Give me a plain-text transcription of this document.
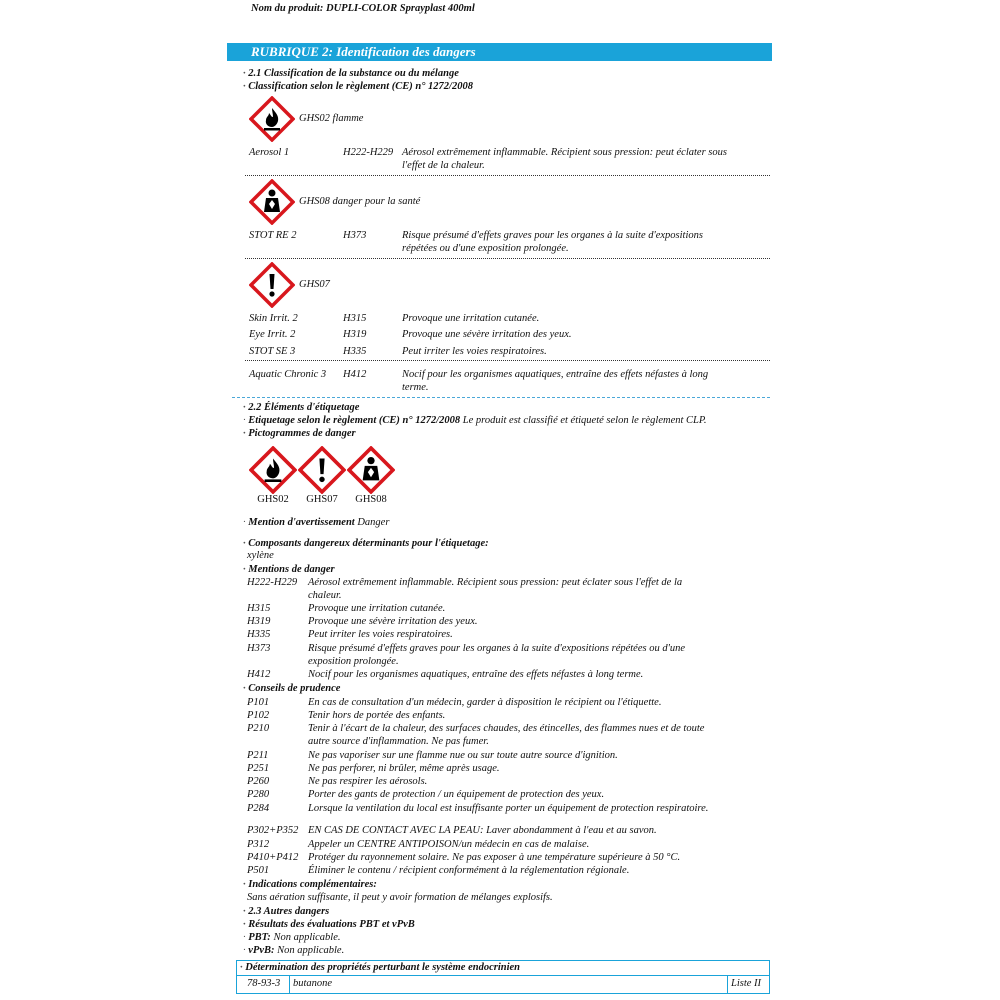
Nom du produit: DUPLI-COLOR Sprayplast 400ml
RUBRIQUE 2: Identification des dangers
· 2.1 Classification de la substance ou du mélange
· Classification selon le règlement (CE) n° 1272/2008
GHS02 flamme
Aerosol 1	H222-H229 Aérosol extrêmement inflammable. Récipient sous pression: peut éclater sous
l'effet de la chaleur.
GHS08 danger pour la santé
STOT RE 2	H373	Risque présumé d'effets graves pour les organes à la suite d'expositions
répétées ou d'une exposition prolongée.
GHS07
Skin Irrit. 2	H315	Provoque une irritation cutanée.
Eye Irrit. 2	H319	Provoque une sévère irritation des yeux.
STOT SE 3	H335	Peut irriter les voies respiratoires.
Aquatic Chronic 3 H412	Nocif pour les organismes aquatiques, entraîne des effets néfastes à long
terme.
· 2.2 Éléments d'étiquetage
· Etiquetage selon le règlement (CE) n° 1272/2008 Le produit est classifié et étiqueté selon le règlement CLP.
· Pictogrammes de danger
GHS02	GHS07	GHS08
· Mention d'avertissement Danger
· Composants dangereux déterminants pour l'étiquetage:
xylène
· Mentions de danger
H222-H229 Aérosol extrêmement inflammable. Récipient sous pression: peut éclater sous l'effet de la
chaleur.
H315	Provoque une irritation cutanée.
H319	Provoque une sévère irritation des yeux.
H335	Peut irriter les voies respiratoires.
H373	Risque présumé d'effets graves pour les organes à la suite d'expositions répétées ou d'une
exposition prolongée.
H412	Nocif pour les organismes aquatiques, entraîne des effets néfastes à long terme.
· Conseils de prudence
P101	En cas de consultation d'un médecin, garder à disposition le récipient ou l'étiquette.
P102	Tenir hors de portée des enfants.
P210	Tenir à l'écart de la chaleur, des surfaces chaudes, des étincelles, des flammes nues et de toute
autre source d'inflammation. Ne pas fumer.
P211	Ne pas vaporiser sur une flamme nue ou sur toute autre source d'ignition.
P251	Ne pas perforer, ni brûler, même après usage.
P260	Ne pas respirer les aérosols.
P280	Porter des gants de protection / un équipement de protection des yeux.
P284	Lorsque la ventilation du local est insuffisante porter un équipement de protection respiratoire.
P302+P352 EN CAS DE CONTACT AVEC LA PEAU: Laver abondamment à l'eau et au savon.
P312	Appeler un CENTRE ANTIPOISON/un médecin en cas de malaise.
P410+P412 Protéger du rayonnement solaire. Ne pas exposer à une température supérieure à 50 °C.
P501	Éliminer le contenu / récipient conformément à la réglementation régionale.
· Indications complémentaires:
Sans aération suffisante, il peut y avoir formation de mélanges explosifs.
· 2.3 Autres dangers
· Résultats des évaluations PBT et vPvB
· PBT: Non applicable.
· vPvB: Non applicable.
· Détermination des propriétés perturbant le système endocrinien
78-93-3 butanone	Liste II
